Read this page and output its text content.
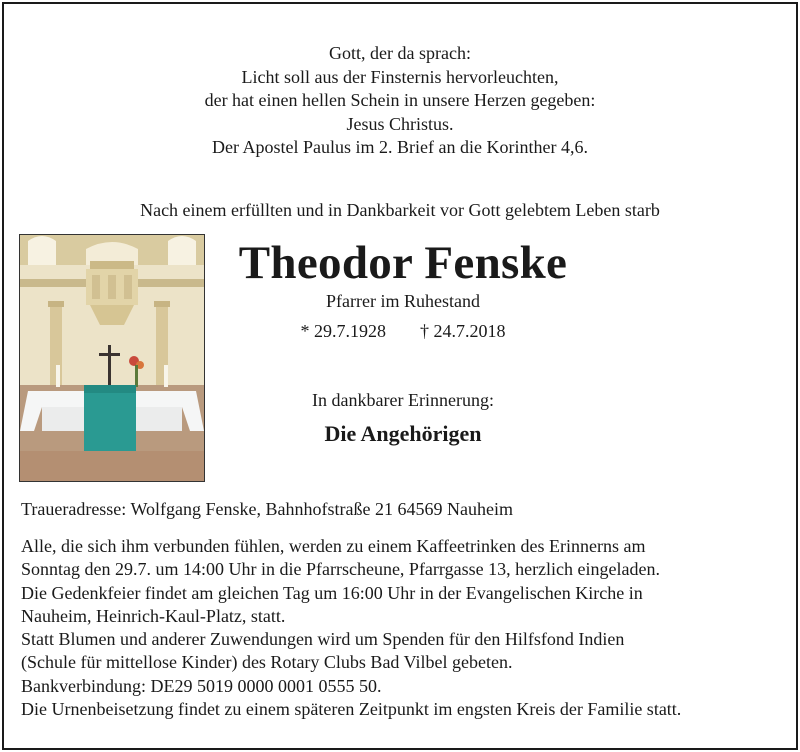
Gott, der da sprach:
Licht soll aus der Finsternis hervorleuchten,
der hat einen hellen Schein in unsere Herzen gegeben:
Jesus Christus.
Der Apostel Paulus im 2. Brief an die Korinther 4,6.
Nach einem erfüllten und in Dankbarkeit vor Gott gelebtem Leben starb
Theodor Fenske
Pfarrer im Ruhestand
* 29.7.1928 † 24.7.2018
In dankbarer Erinnerung:
Die Angehörigen
Traueradresse: Wolfgang Fenske, Bahnhofstraße 21 64569 Nauheim
Alle, die sich ihm verbunden fühlen, werden zu einem Kaffeetrinken des Erinnerns am
Sonntag den 29.7. um 14:00 Uhr in die Pfarrscheune, Pfarrgasse 13, herzlich eingeladen.
Die Gedenkfeier findet am gleichen Tag um 16:00 Uhr in der Evangelischen Kirche in
Nauheim, Heinrich-Kaul-Platz, statt.
Statt Blumen und anderer Zuwendungen wird um Spenden für den Hilfsfond Indien
(Schule für mittellose Kinder) des Rotary Clubs Bad Vilbel gebeten.
Bankverbindung: DE29 5019 0000 0001 0555 50.
Die Urnenbeisetzung findet zu einem späteren Zeitpunkt im engsten Kreis der Familie statt.
